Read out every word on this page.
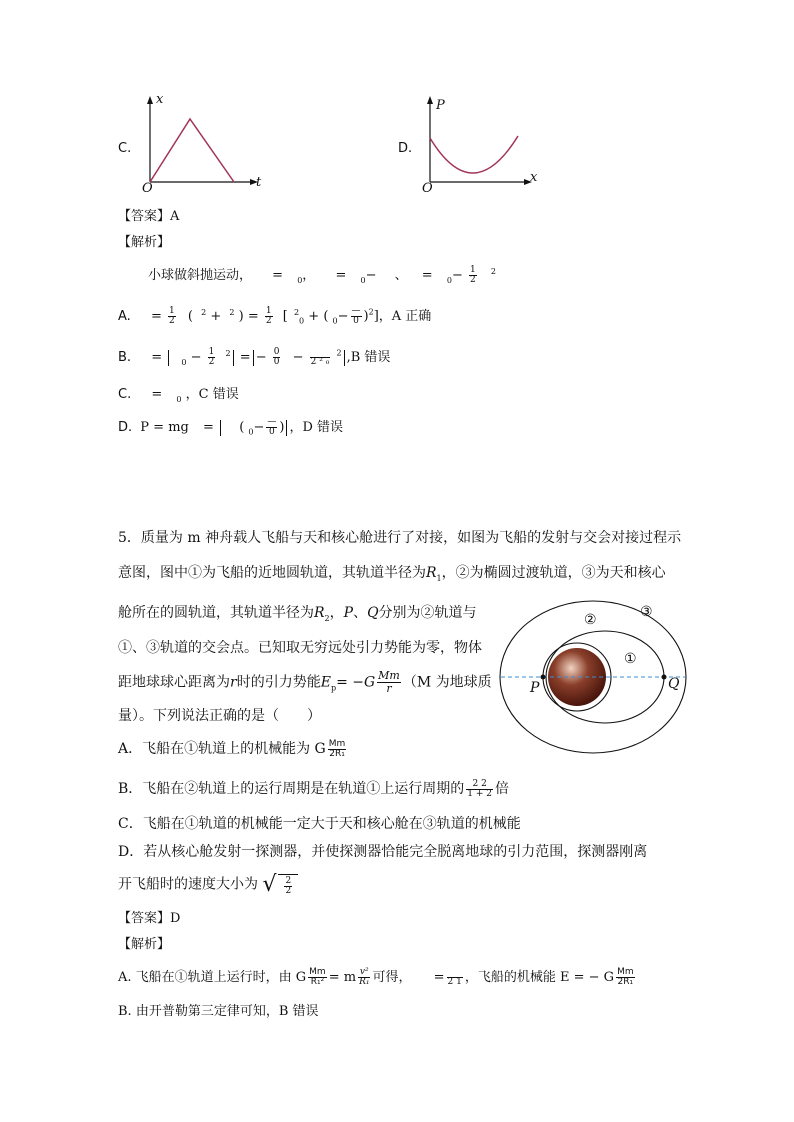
C.
x
t
O
D.
P
x
O
【答案】A
【解析】
小球做斜抛运动， = $_0$， = $_0$− 、 = $_0- \frac{1}{2} ^2$
A. = $\frac{1}{2}$ ( $^2$ + $^2$ ) = $\frac{1}{2}$ [ $^2_0$ + ( $_0- \frac{—}{0} )^2$]，A 正确
B. = $_0 - \frac{1}{2} ^2$ = − $\frac{0}{0} - 2$ ² ₀
$^2$ ,B 错误
C. = $_0$ ，C 错误
D. P = mg = ( $_0- \frac{—}{0}$ ) ，D 错误
5．质量为 m 神舟载人飞船与天和核心舱进行了对接，如图为飞船的发射与交会对接过程示
意图，图中①为飞船的近地圆轨道，其轨道半径为$R_1$，②为椭圆过渡轨道，③为天和核心
舱所在的圆轨道，其轨道半径为$R_2$，P、Q分别为②轨道与
①、③轨道的交会点。已知取无穷远处引力势能为零，物体
距地球球心距离为r时的引力势能$E_p= -G \frac{Mm}{r} (M$ 为地球质
量）。下列说法正确的是（　　）
A．飞船在①轨道上的机械能为 G $\frac{Mm}{\text{2R₁}}$
B．飞船在②轨道上的运行周期是在轨道①上运行周期的 $\frac{2 2}{1 + 2}$ 倍
C．飞船在①轨道的机械能一定大于天和核心舱在③轨道的机械能
D．若从核心舱发射一探测器，并使探测器恰能完全脱离地球的引力范围，探测器刚离
开飞船时的速度大小为 √ $\frac{2}{2}$
【答案】D
【解析】
A. 飞船在①轨道上运行时，由 G $\frac{Mm}{\text{R₁²}} = m \frac{\text{v²}}{\text{R₁}}$ 可得， = 2 1 ，飞船的机械能 E = − G $\frac{Mm}{\text{2R₁}}$
B. 由开普勒第三定律可知，B 错误
①
②	③
P	Q
